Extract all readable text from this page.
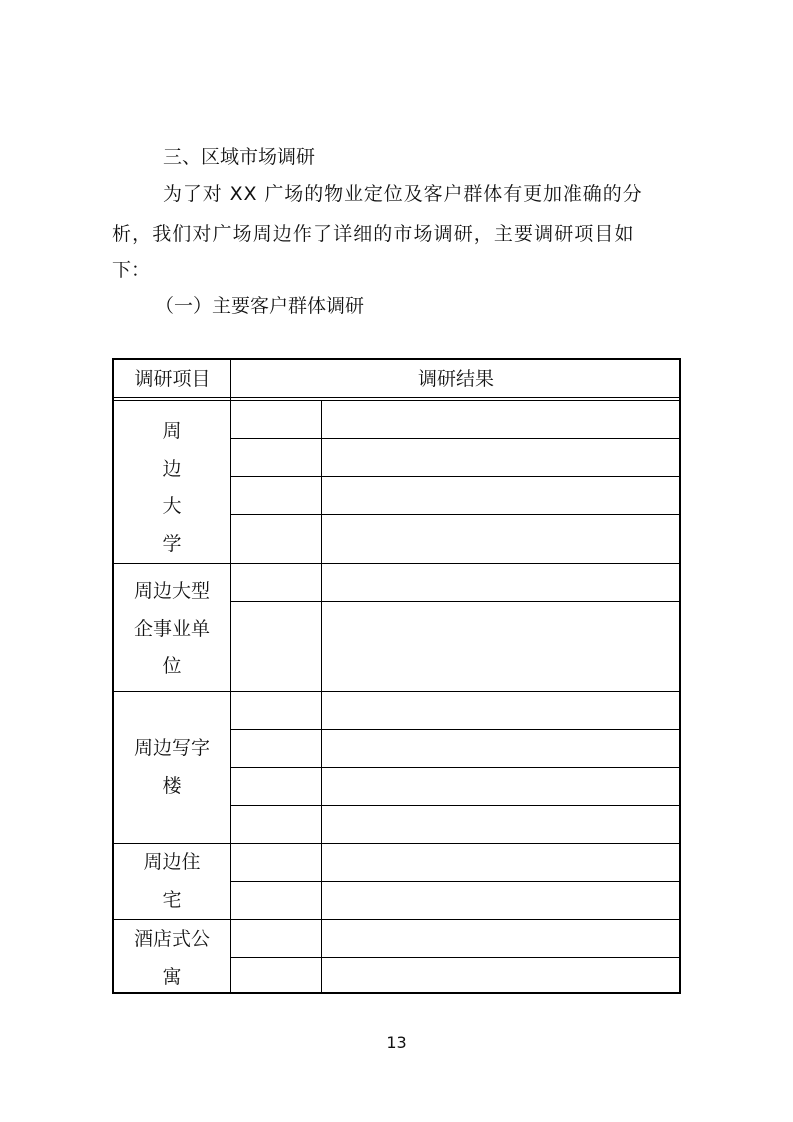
三、区域市场调研
为了对 XX 广场的物业定位及客户群体有更加准确的分
析，我们对广场周边作了详细的市场调研，主要调研项目如
下：
（一）主要客户群体调研
调研项目	调研结果
周
边
大
学
周边大型
企事业单
位
周边写字
楼
周边住
宅
酒店式公
寓
13
